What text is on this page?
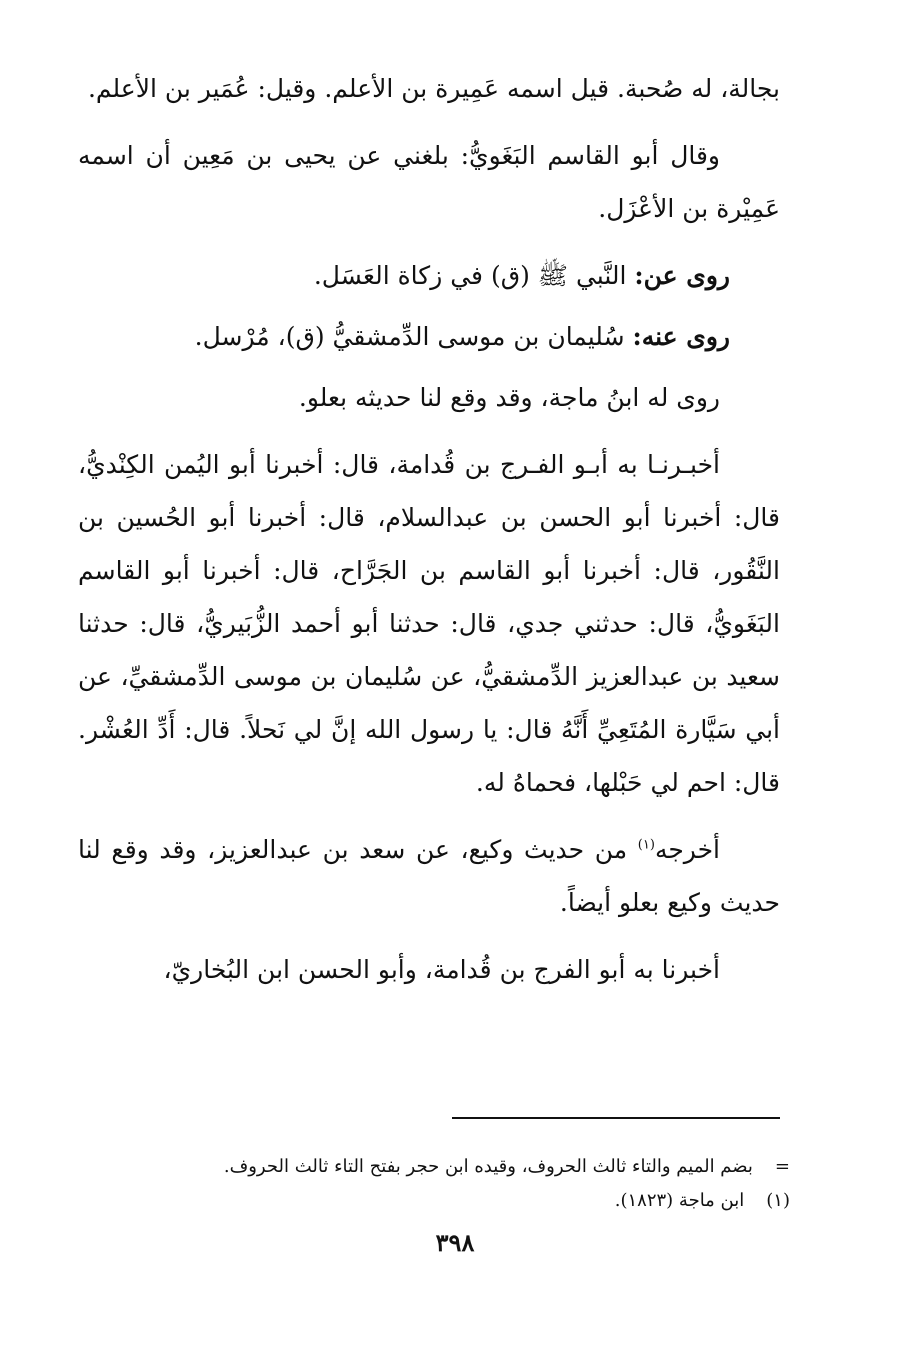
بجالة، له صُحبة. قيل اسمه عَمِيرة بن الأعلم. وقيل: عُمَير بن الأعلم.

وقال أبو القاسم البَغَويُّ: بلغني عن يحيى بن مَعِين أن اسمه عَمِيْرة بن الأعْزَل.

روى عن: النَّبي ﷺ (ق) في زكاة العَسَل.
روى عنه: سُليمان بن موسى الدِّمشقيُّ (ق)، مُرْسل.

روى له ابنُ ماجة، وقد وقع لنا حديثه بعلو.

أخبـرنـا به أبـو الفـرج بن قُدامة، قال: أخبرنا أبو اليُمن الكِنْديُّ، قال: أخبرنا أبو الحسن بن عبدالسلام، قال: أخبرنا أبو الحُسين بن النَّقُور، قال: أخبرنا أبو القاسم بن الجَرَّاح، قال: أخبرنا أبو القاسم البَغَويُّ، قال: حدثني جدي، قال: حدثنا أبو أحمد الزُّبَيريُّ، قال: حدثنا سعيد بن عبدالعزيز الدِّمشقيُّ، عن سُليمان بن موسى الدِّمشقيِّ، عن أبي سَيَّارة المُتَعِيِّ أَنَّهُ قال: يا رسول الله إنَّ لي نَحلاً. قال: أَدِّ العُشْر. قال: احم لي حَبْلها، فحماهُ له.

أخرجه$^{(١)}$ من حديث وكيع، عن سعد بن عبدالعزيز، وقد وقع لنا حديث وكيع بعلو أيضاً.

أخبرنا به أبو الفرج بن قُدامة، وأبو الحسن ابن البُخاريّ،

=بضم الميم والتاء ثالث الحروف، وقيده ابن حجر بفتح التاء ثالث الحروف.
(١)ابن ماجة (١٨٢٣).
٣٩٨
